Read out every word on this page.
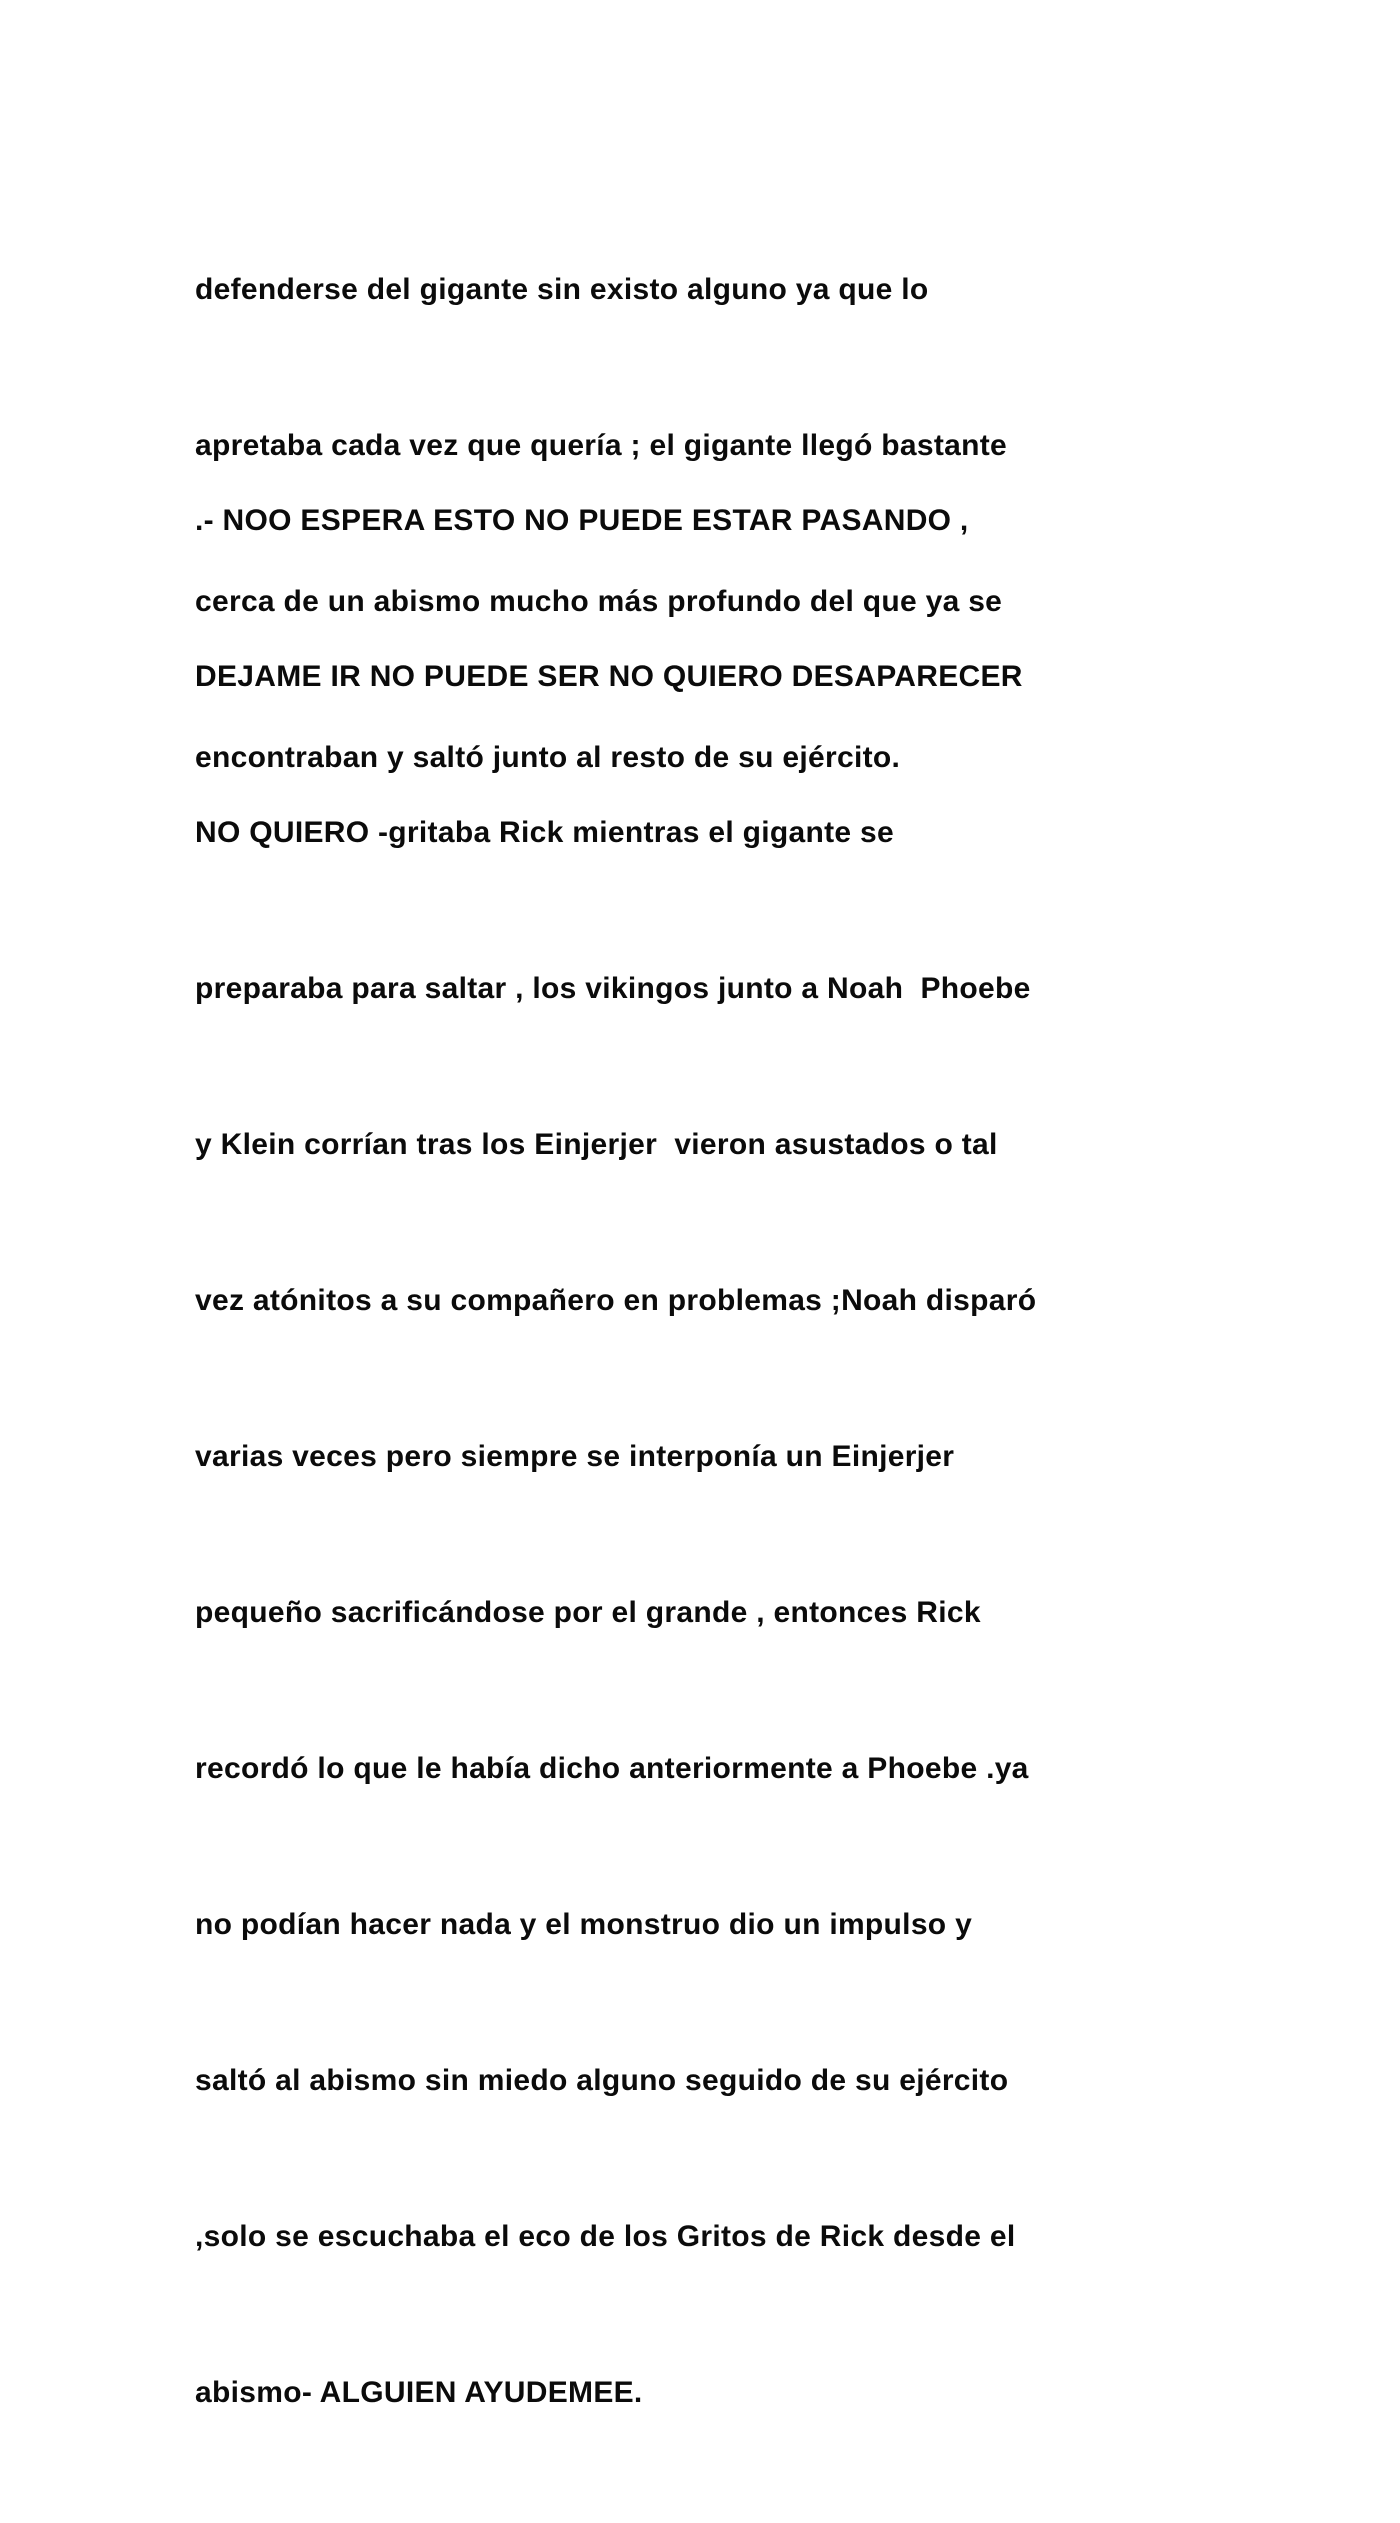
defenderse del gigante sin existo alguno ya que lo

apretaba cada vez que quería ; el gigante llegó bastante

cerca de un abismo mucho más profundo del que ya se

encontraban y saltó junto al resto de su ejército.

.- NOO ESPERA ESTO NO PUEDE ESTAR PASANDO ,

DEJAME IR NO PUEDE SER NO QUIERO DESAPARECER

NO QUIERO -gritaba Rick mientras el gigante se

preparaba para saltar , los vikingos junto a Noah  Phoebe

y Klein corrían tras los Einjerjer  vieron asustados o tal

vez atónitos a su compañero en problemas ;Noah disparó

varias veces pero siempre se interponía un Einjerjer

pequeño sacrificándose por el grande , entonces Rick

recordó lo que le había dicho anteriormente a Phoebe .ya

no podían hacer nada y el monstruo dio un impulso y

saltó al abismo sin miedo alguno seguido de su ejército

,solo se escuchaba el eco de los Gritos de Rick desde el

abismo- ALGUIEN AYUDEMEE.
